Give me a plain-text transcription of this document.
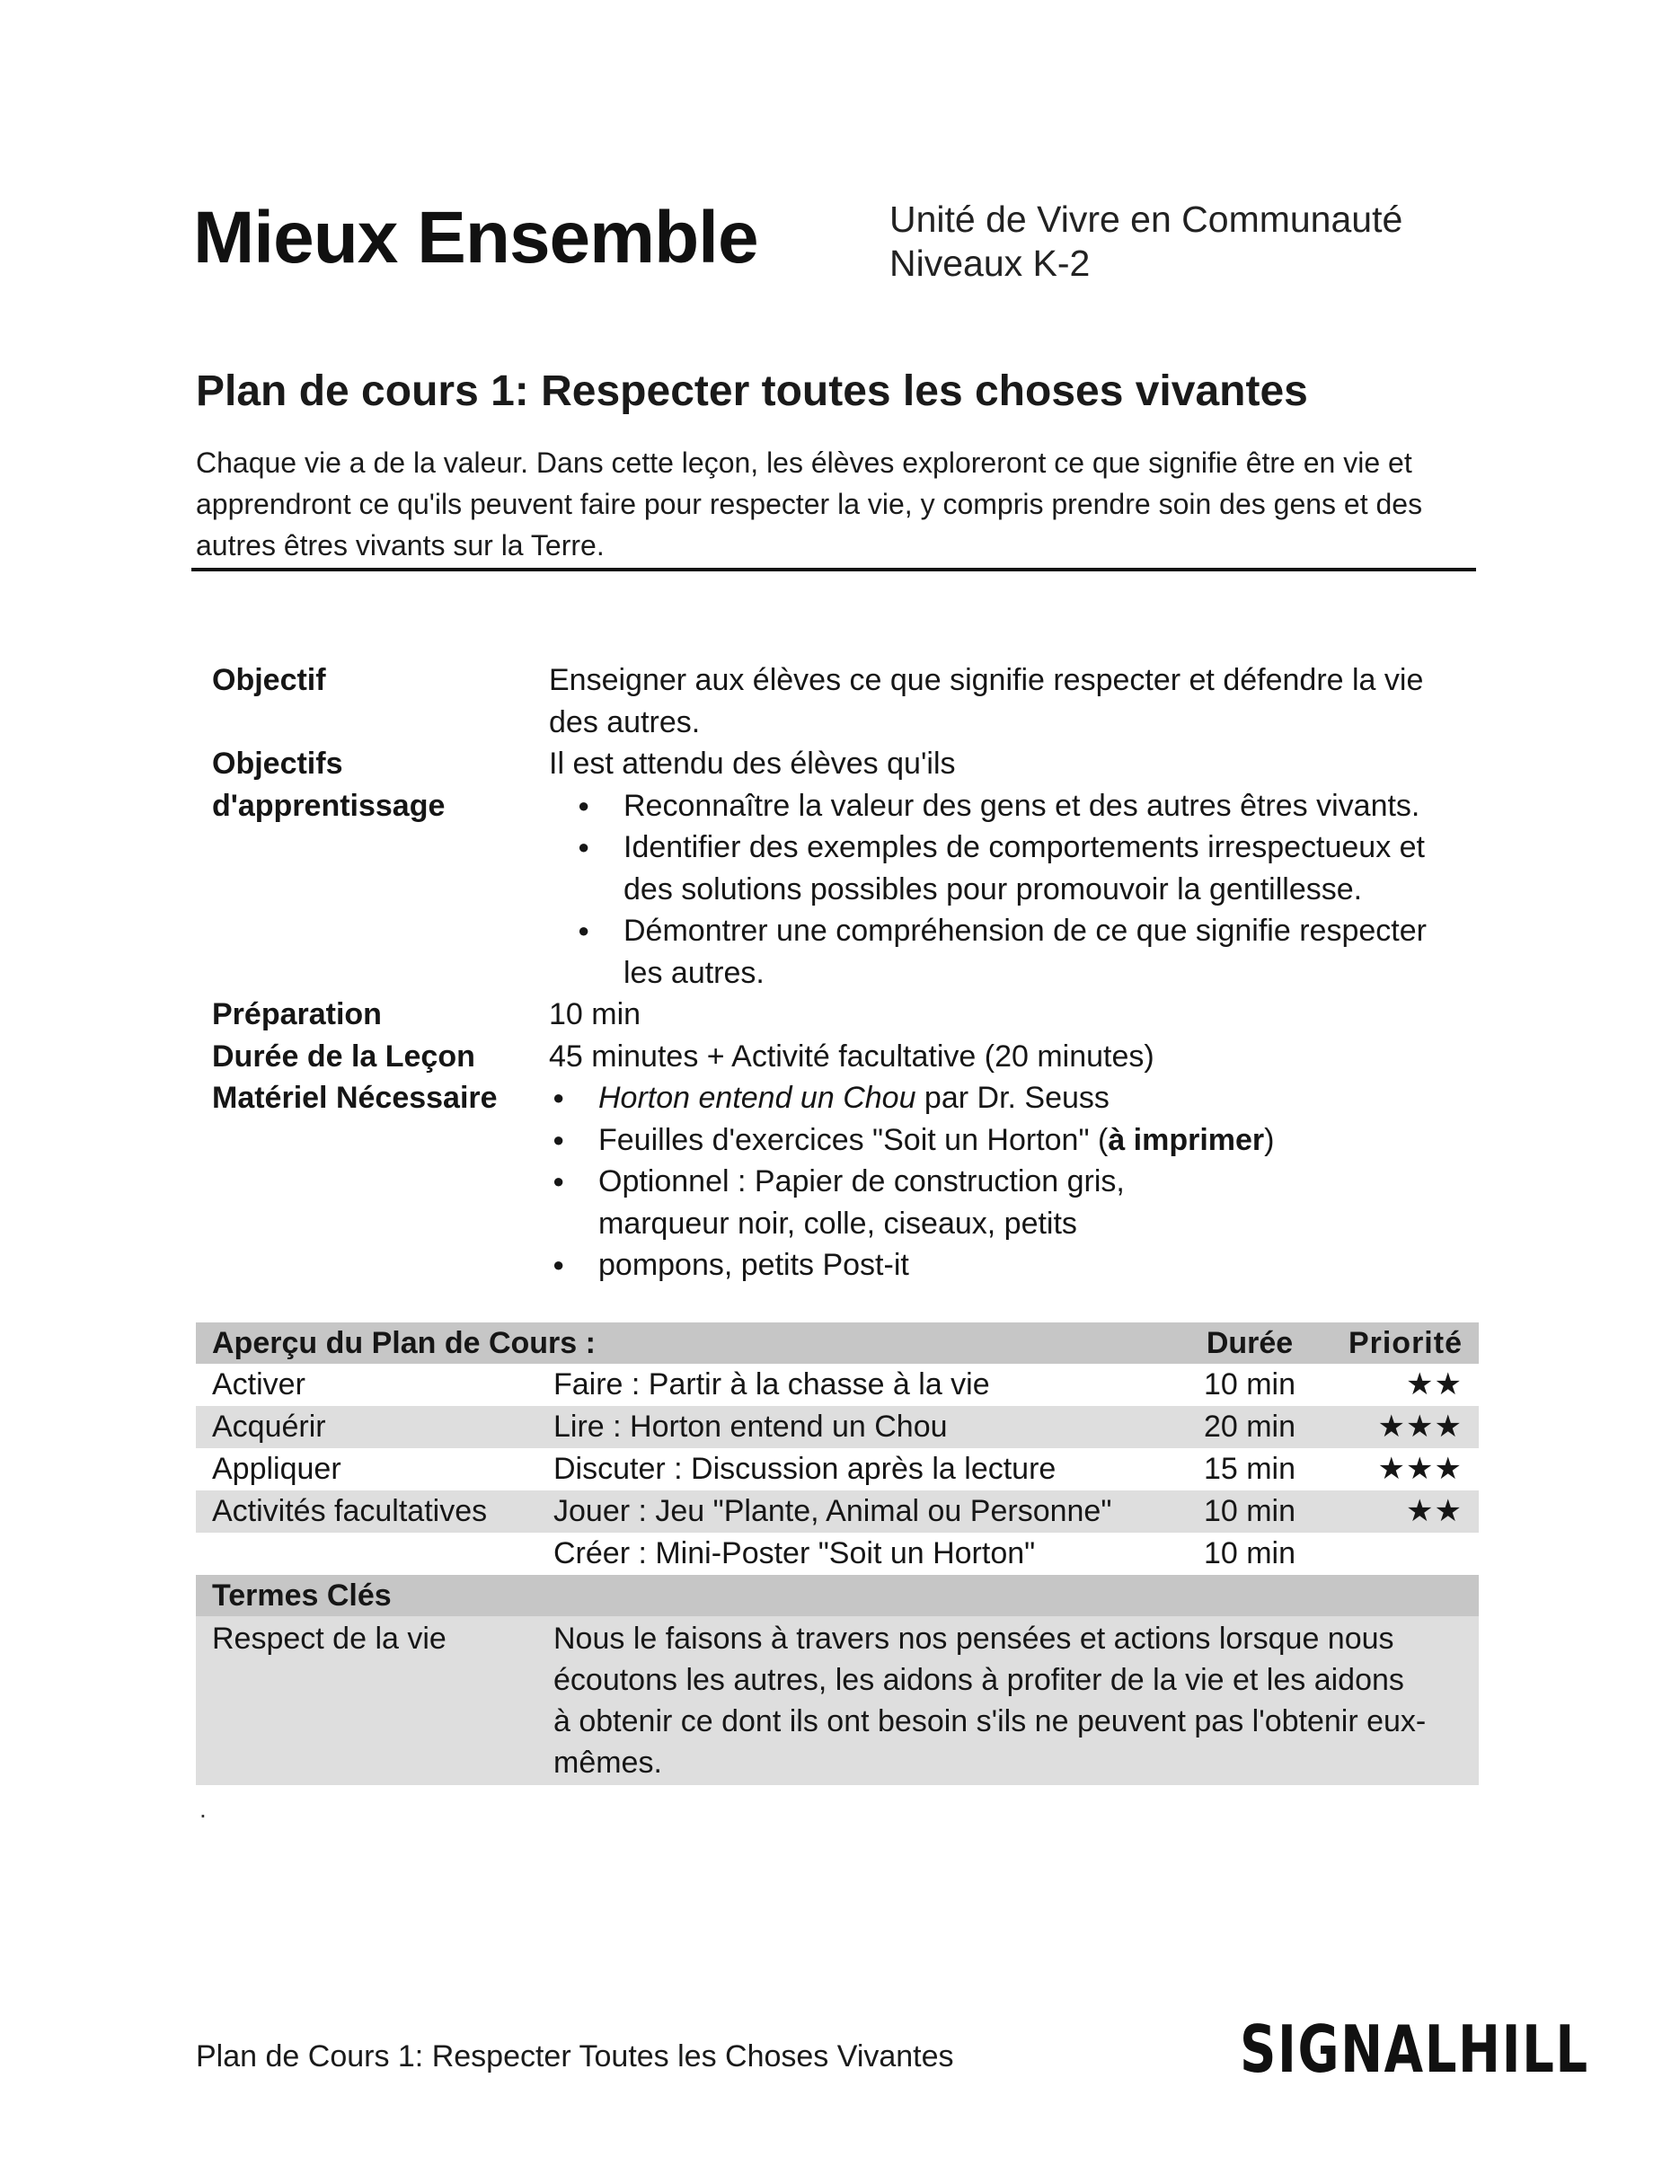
Mieux Ensemble	Unité de Vivre en Communauté
Niveaux K-2
Plan de cours 1: Respecter toutes les choses vivantes
Chaque vie a de la valeur. Dans cette leçon, les élèves exploreront ce que signifie être en vie et apprendront ce qu'ils peuvent faire pour respecter la vie, y compris prendre soin des gens et des autres êtres vivants sur la Terre.
Objectif	Enseigner aux élèves ce que signifie respecter et défendre la vie des autres.
Objectifs
d'apprentissage
Il est attendu des élèves qu'ils
● Reconnaître la valeur des gens et des autres êtres vivants.
● Identifier des exemples de comportements irrespectueux et des solutions possibles pour promouvoir la gentillesse.
● Démontrer une compréhension de ce que signifie respecter les autres.
Préparation	10 min
Durée de la Leçon	45 minutes + Activité facultative (20 minutes)
Matériel Nécessaire
●	Horton entend un Chou par Dr. Seuss
● Feuilles d'exercices "Soit un Horton" (à imprimer)
● Optionnel : Papier de construction gris,
marqueur noir, colle, ciseaux, petits
● pompons, petits Post-it
Aperçu du Plan de Cours :	Durée	Priorité
Activer	Faire : Partir à la chasse à la vie	10 min	★★
Acquérir	Lire : Horton entend un Chou	20 min	★★★
Appliquer	Discuter : Discussion après la lecture	15 min	★★★
Activités facultatives	Jouer : Jeu "Plante, Animal ou Personne"	10 min	★★
Créer : Mini-Poster "Soit un Horton"	10 min
Termes Clés
Respect de la vie	Nous le faisons à travers nos pensées et actions lorsque nous écoutons les autres, les aidons à profiter de la vie et les aidons à obtenir ce dont ils ont besoin s'ils ne peuvent pas l'obtenir eux-mêmes.
.
Plan de Cours 1: Respecter Toutes les Choses Vivantes	SIGNALHILL
